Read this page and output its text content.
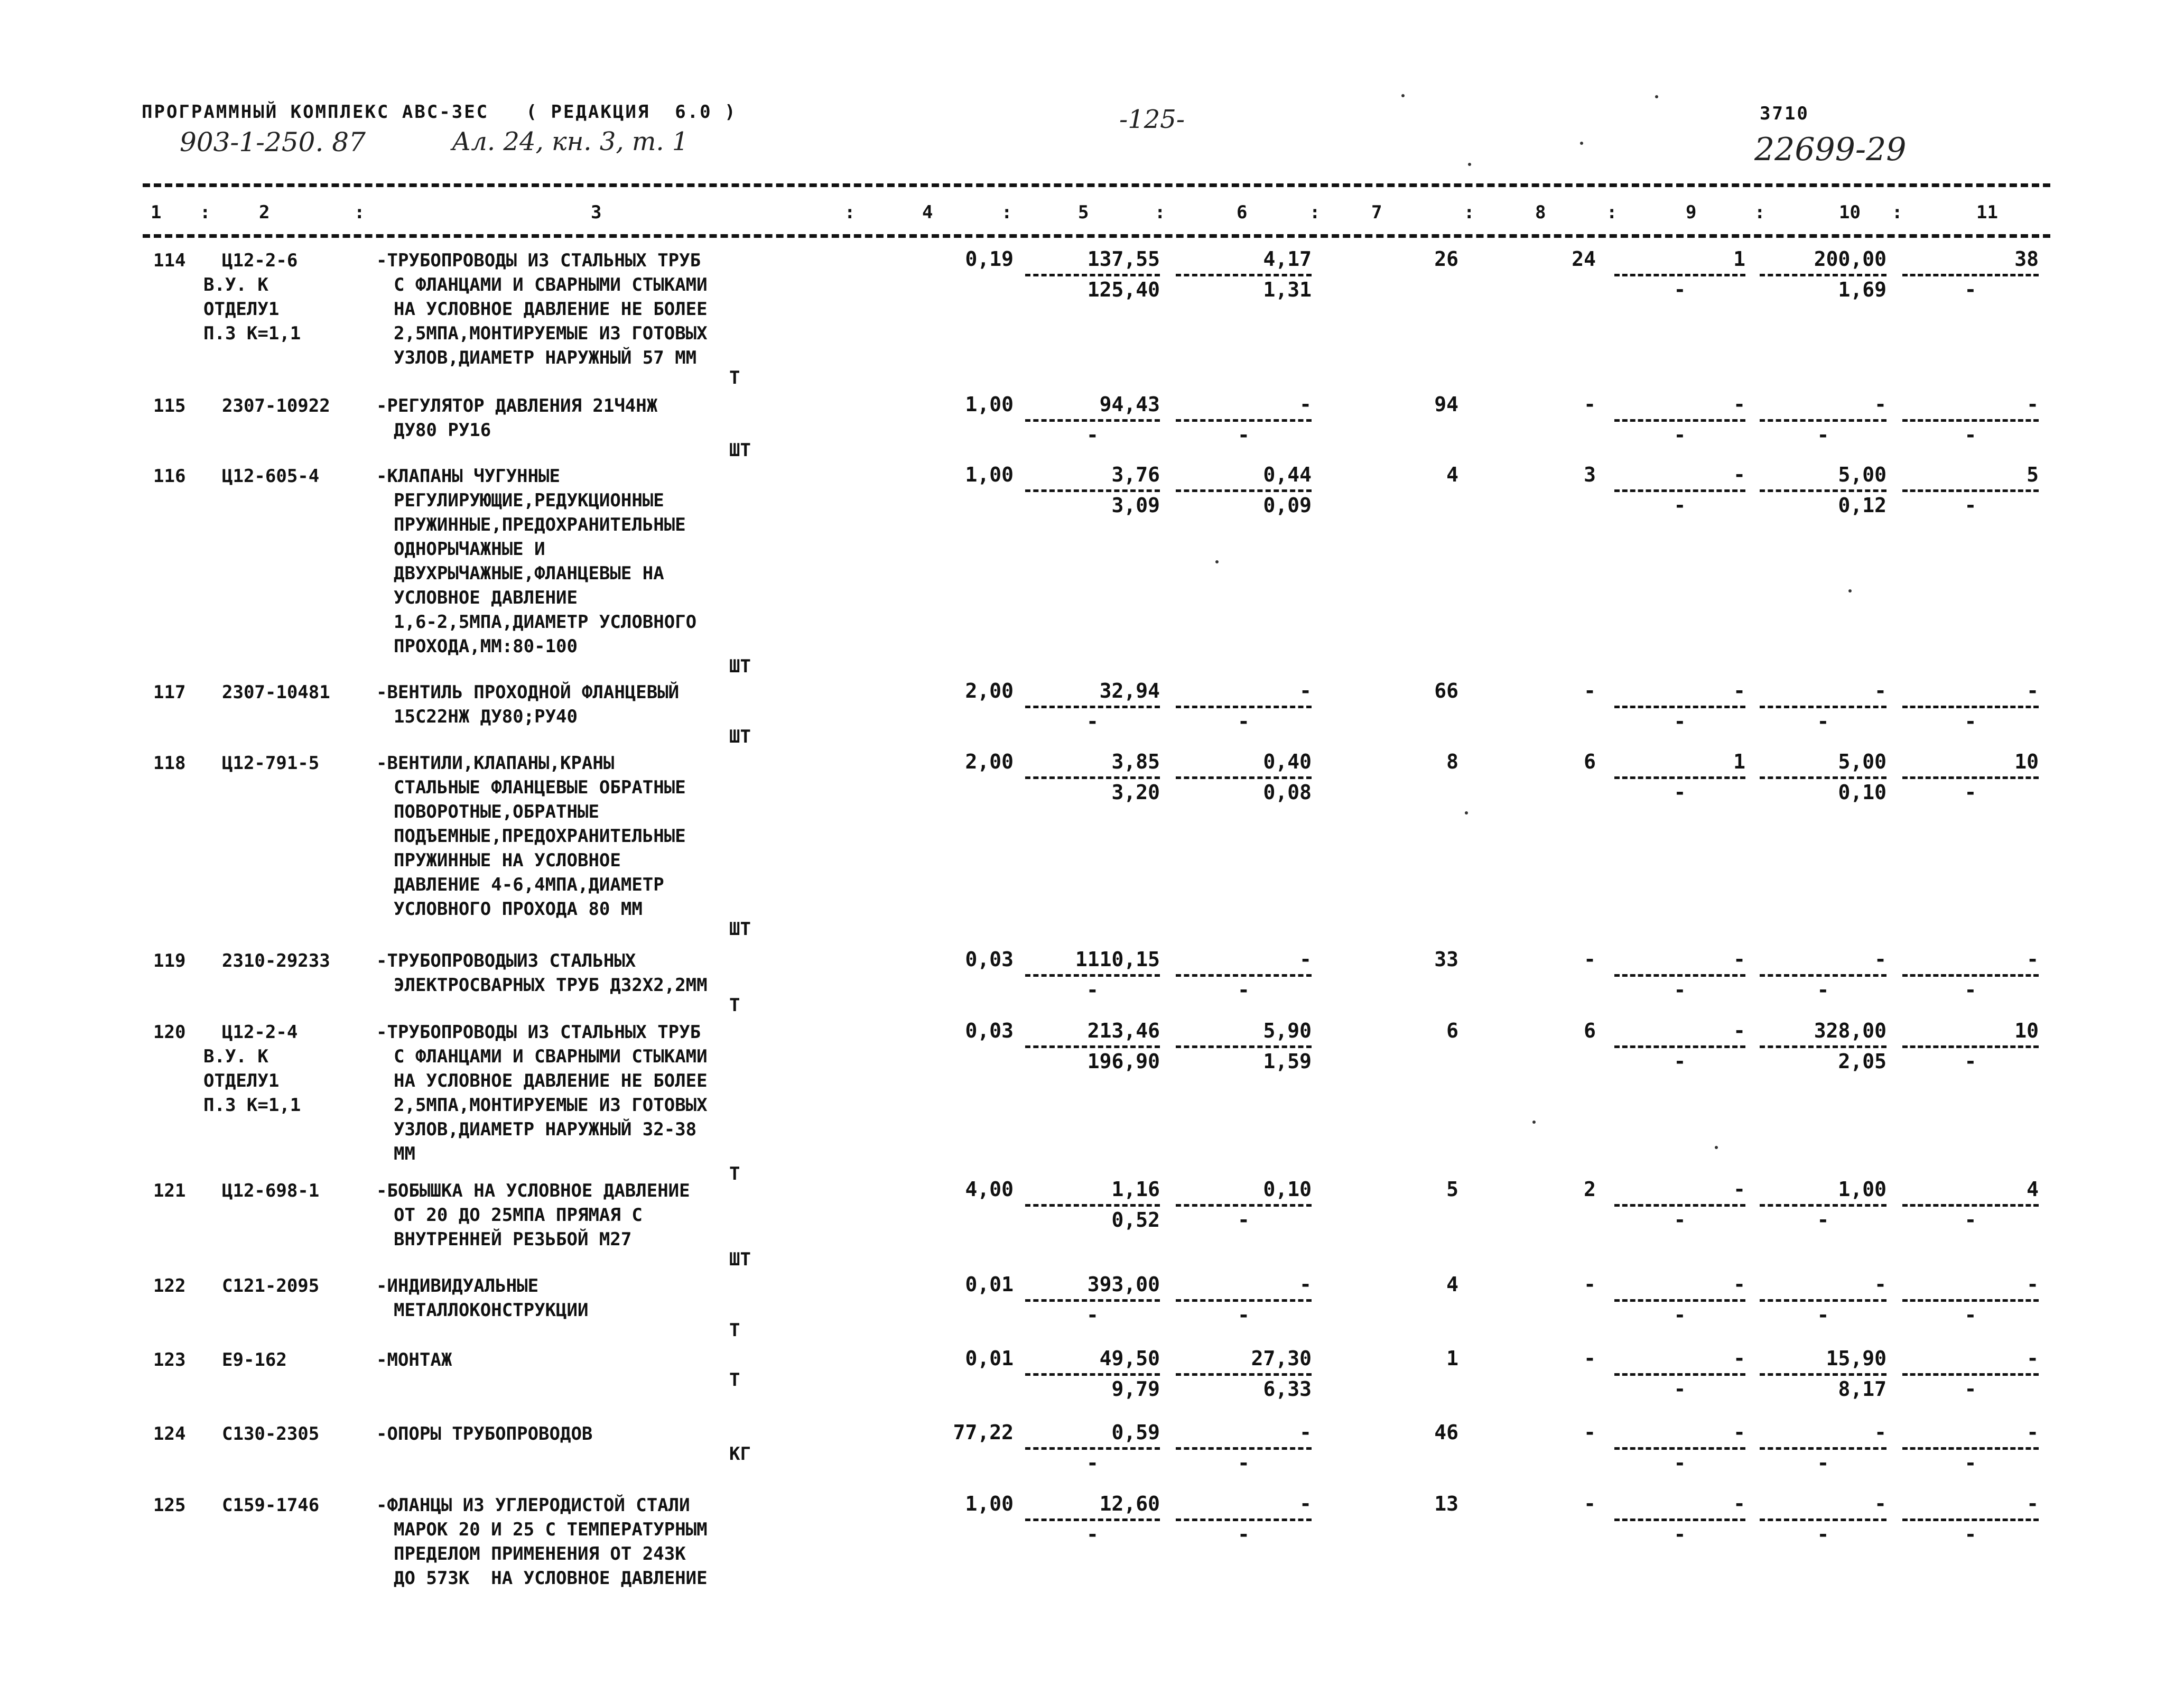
ПРОГРАММНЫЙ КОМПЛЕКС АВС-3ЕС   ( РЕДАКЦИЯ  6.0 )
903-1-250. 87	Ал. 24, кн. 3, т. 1
-125-	3710
22699-29
1 :	2	:	3	:	4	:	5	:	6	:	7	:	8	:	9	:	10 :	11
114 Ц12-2-6
В.У. К
ОТДЕЛУ1
П.3 К=1,1
-ТРУБОПРОВОДЫ ИЗ СТАЛЬНЫХ ТРУБ
С ФЛАНЦАМИ И СВАРНЫМИ СТЫКАМИ
НА УСЛОВНОЕ ДАВЛЕНИЕ НЕ БОЛЕЕ
2,5МПА,МОНТИРУЕМЫЕ ИЗ ГОТОВЫХ
УЗЛОВ,ДИАМЕТР НАРУЖНЫЙ 57 ММ
Т
0,19	137,55	4,17	26	24	1	200,00	38
125,40	1,31	-	1,69	-
115 2307-10922	-РЕГУЛЯТОР ДАВЛЕНИЯ 21Ч4НЖ
ДУ80 РУ16
ШТ
1,00	94,43	-	94	-	-	-	-
-	-	-	-	-
116 Ц12-605-4	-КЛАПАНЫ ЧУГУННЫЕ
РЕГУЛИРУЮЩИЕ,РЕДУКЦИОННЫЕ
ПРУЖИННЫЕ,ПРЕДОХРАНИТЕЛЬНЫЕ
ОДНОРЫЧАЖНЫЕ И
ДВУХРЫЧАЖНЫЕ,ФЛАНЦЕВЫЕ НА
УСЛОВНОЕ ДАВЛЕНИЕ
1,6-2,5МПА,ДИАМЕТР УСЛОВНОГО
ПРОХОДА,ММ:80-100
ШТ
1,00	3,76	0,44	4	3	-	5,00	5
3,09	0,09	-	0,12	-
117 2307-10481	-ВЕНТИЛЬ ПРОХОДНОЙ ФЛАНЦЕВЫЙ
15С22НЖ ДУ80;РУ40
ШТ
2,00	32,94	-	66	-	-	-	-
-	-	-	-	-
118 Ц12-791-5	-ВЕНТИЛИ,КЛАПАНЫ,КРАНЫ
СТАЛЬНЫЕ ФЛАНЦЕВЫЕ ОБРАТНЫЕ
ПОВОРОТНЫЕ,ОБРАТНЫЕ
ПОДЪЕМНЫЕ,ПРЕДОХРАНИТЕЛЬНЫЕ
ПРУЖИННЫЕ НА УСЛОВНОЕ
ДАВЛЕНИЕ 4-6,4МПА,ДИАМЕТР
УСЛОВНОГО ПРОХОДА 80 ММ
ШТ
2,00	3,85	0,40	8	6	1	5,00	10
3,20	0,08	-	0,10	-
119 2310-29233	-ТРУБОПРОВОДЫИЗ СТАЛЬНЫХ
ЭЛЕКТРОСВАРНЫХ ТРУБ Д32Х2,2ММ
Т
0,03	1110,15	-	33	-	-	-	-
-	-	-	-	-
120 Ц12-2-4
В.У. К
ОТДЕЛУ1
П.3 К=1,1
-ТРУБОПРОВОДЫ ИЗ СТАЛЬНЫХ ТРУБ
С ФЛАНЦАМИ И СВАРНЫМИ СТЫКАМИ
НА УСЛОВНОЕ ДАВЛЕНИЕ НЕ БОЛЕЕ
2,5МПА,МОНТИРУЕМЫЕ ИЗ ГОТОВЫХ
УЗЛОВ,ДИАМЕТР НАРУЖНЫЙ 32-38
ММ
Т
0,03	213,46	5,90	6	6	-	328,00	10
196,90	1,59	-	2,05	-
121 Ц12-698-1	-БОБЫШКА НА УСЛОВНОЕ ДАВЛЕНИЕ
ОТ 20 ДО 25МПА ПРЯМАЯ С
ВНУТРЕННЕЙ РЕЗЬБОЙ М27
ШТ
4,00	1,16	0,10	5	2	-	1,00	4
0,52	-	-	-	-
122 С121-2095	-ИНДИВИДУАЛЬНЫЕ
МЕТАЛЛОКОНСТРУКЦИИ
Т
0,01	393,00	-	4	-	-	-	-
-	-	-	-	-
123 Е9-162	-МОНТАЖ
Т
0,01	49,50	27,30	1	-	-	15,90	-
9,79	6,33	-	8,17	-
124 С130-2305	-ОПОРЫ ТРУБОПРОВОДОВ
КГ
77,22	0,59	-	46	-	-	-	-
-	-	-	-	-
125 С159-1746	-ФЛАНЦЫ ИЗ УГЛЕРОДИСТОЙ СТАЛИ
МАРОК 20 И 25 С ТЕМПЕРАТУРНЫМ
ПРЕДЕЛОМ ПРИМЕНЕНИЯ ОТ 243К
ДО 573К  НА УСЛОВНОЕ ДАВЛЕНИЕ
1,00	12,60	-	13	-	-	-	-
-	-	-	-	-
